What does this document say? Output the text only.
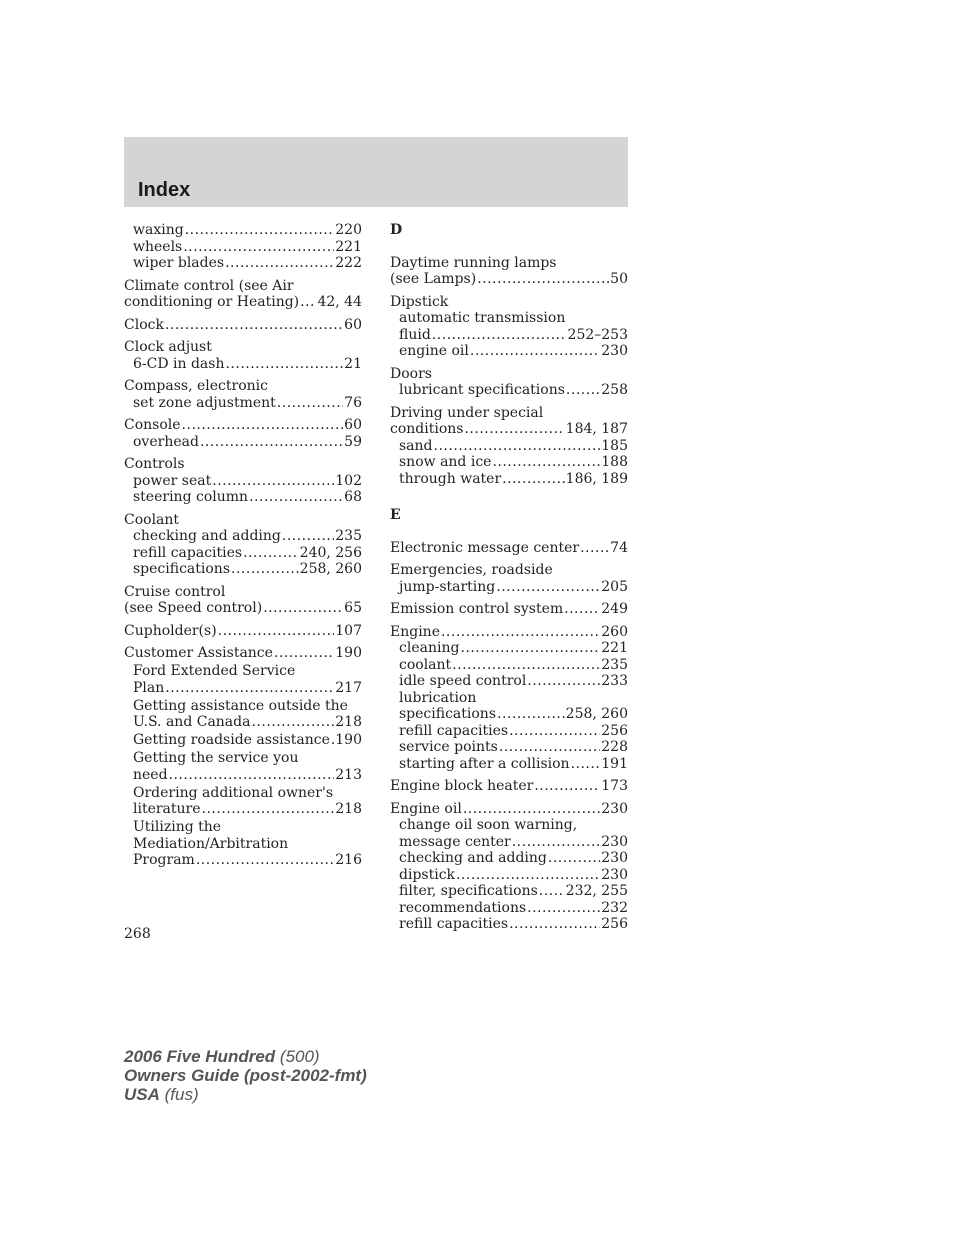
Index
waxing .....	220
wheels .....	221
wiper blades .....	222
Climate control (see Air
conditioning or Heating) ..... 42, 44
Clock .....	60
Clock adjust
6-CD in dash .....	21
Compass, electronic
set zone adjustment .....	76
Console .....	60
overhead .....	59
Controls
power seat .....	102
steering column .....	68
Coolant
checking and adding .....	235
refill capacities .....	240, 256
specifications .....	258, 260
Cruise control
(see Speed control) .....	65
Cupholder(s) .....	107
Customer Assistance .....	190
Ford Extended Service
Plan .....	217
Getting assistance outside the
U.S. and Canada .....	218
Getting roadside assistance ..... 190
Getting the service you
need .....	213
Ordering additional owner's
literature .....	218
Utilizing the
Mediation/Arbitration
Program .....	216
D
Daytime running lamps
(see Lamps) .....	50
Dipstick
automatic transmission
fluid .....	252–253
engine oil .....	230
Doors
lubricant specifications .....	258
Driving under special
conditions .....	184, 187
sand .....	185
snow and ice .....	188
through water .....	186, 189
E
Electronic message center ..... 74
Emergencies, roadside
jump-starting .....	205
Emission control system .....	249
Engine .....	260
cleaning .....	221
coolant .....	235
idle speed control .....	233
lubrication
specifications .....	258, 260
refill capacities .....	256
service points .....	228
starting after a collision ..... 191
Engine block heater .....	173
Engine oil .....	230
change oil soon warning,
message center .....	230
checking and adding .....	230
dipstick .....	230
filter, specifications ..... 232, 255
recommendations .....	232
refill capacities .....	256
268
2006 Five Hundred (500)
Owners Guide (post-2002-fmt)
USA (fus)
